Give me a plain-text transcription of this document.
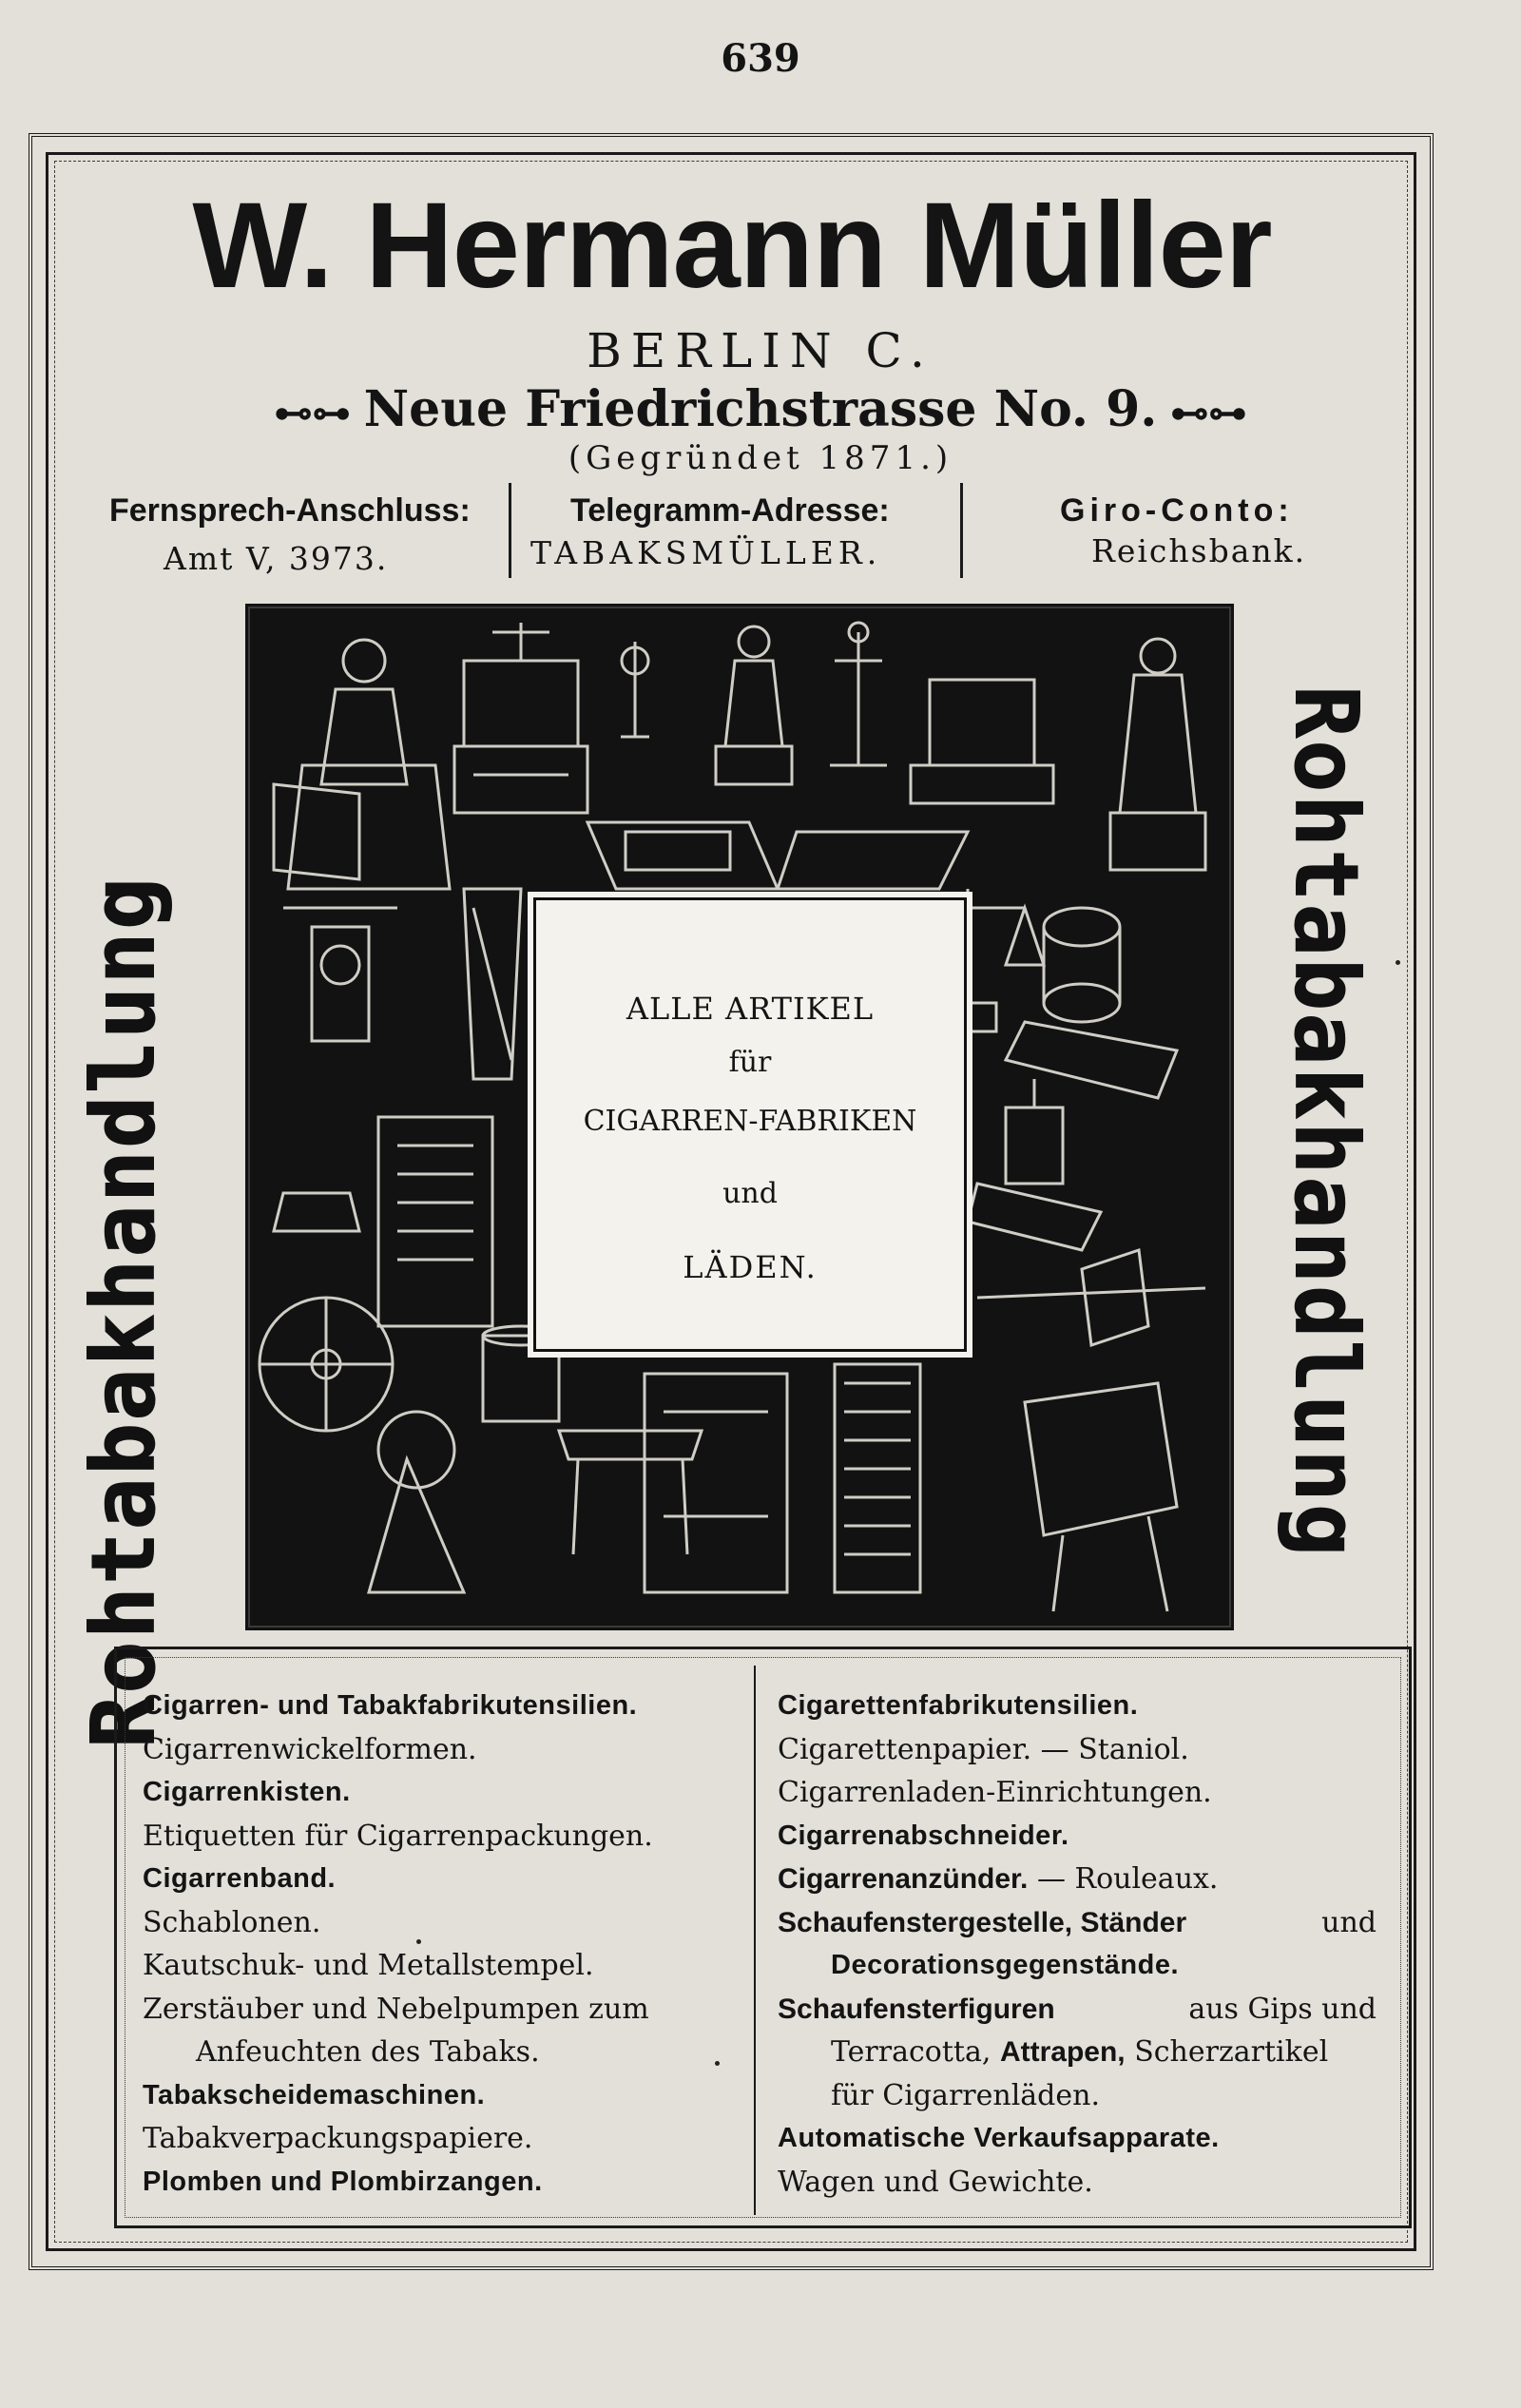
639
W. Hermann Müller
BERLIN C.
⊷⊶ Neue Friedrichstrasse No. 9. ⊷⊶
(Gegründet 1871.)
Fernsprech-Anschluss:
Amt V, 3973.
Telegramm-Adresse:
TABAKSMÜLLER.
Giro-Conto:
Reichsbank.
Rohtabakhandlung	Rohtabakhandlung
ALLE ARTIKEL
für
CIGARREN-FABRIKEN
und
LÄDEN.
Cigarren- und Tabakfabrikutensilien.
Cigarrenwickelformen.
Cigarrenkisten.
Etiquetten für Cigarrenpackungen.
Cigarrenband.
Schablonen.
Kautschuk- und Metallstempel.
Zerstäuber und Nebelpumpen zum
Anfeuchten des Tabaks.
Tabakscheidemaschinen.
Tabakverpackungspapiere.
Plomben und Plombirzangen.
Cigarettenfabrikutensilien.
Cigarettenpapier. — Staniol.
Cigarrenladen-Einrichtungen.
Cigarrenabschneider.
Cigarrenanzünder. — Rouleaux.
Schaufenstergestelle, Ständer	und
Decorationsgegenstände.
Schaufensterfiguren	aus Gips und
Terracotta, Attrapen, Scherzartikel
für Cigarrenläden.
Automatische Verkaufsapparate.
Wagen und Gewichte.
